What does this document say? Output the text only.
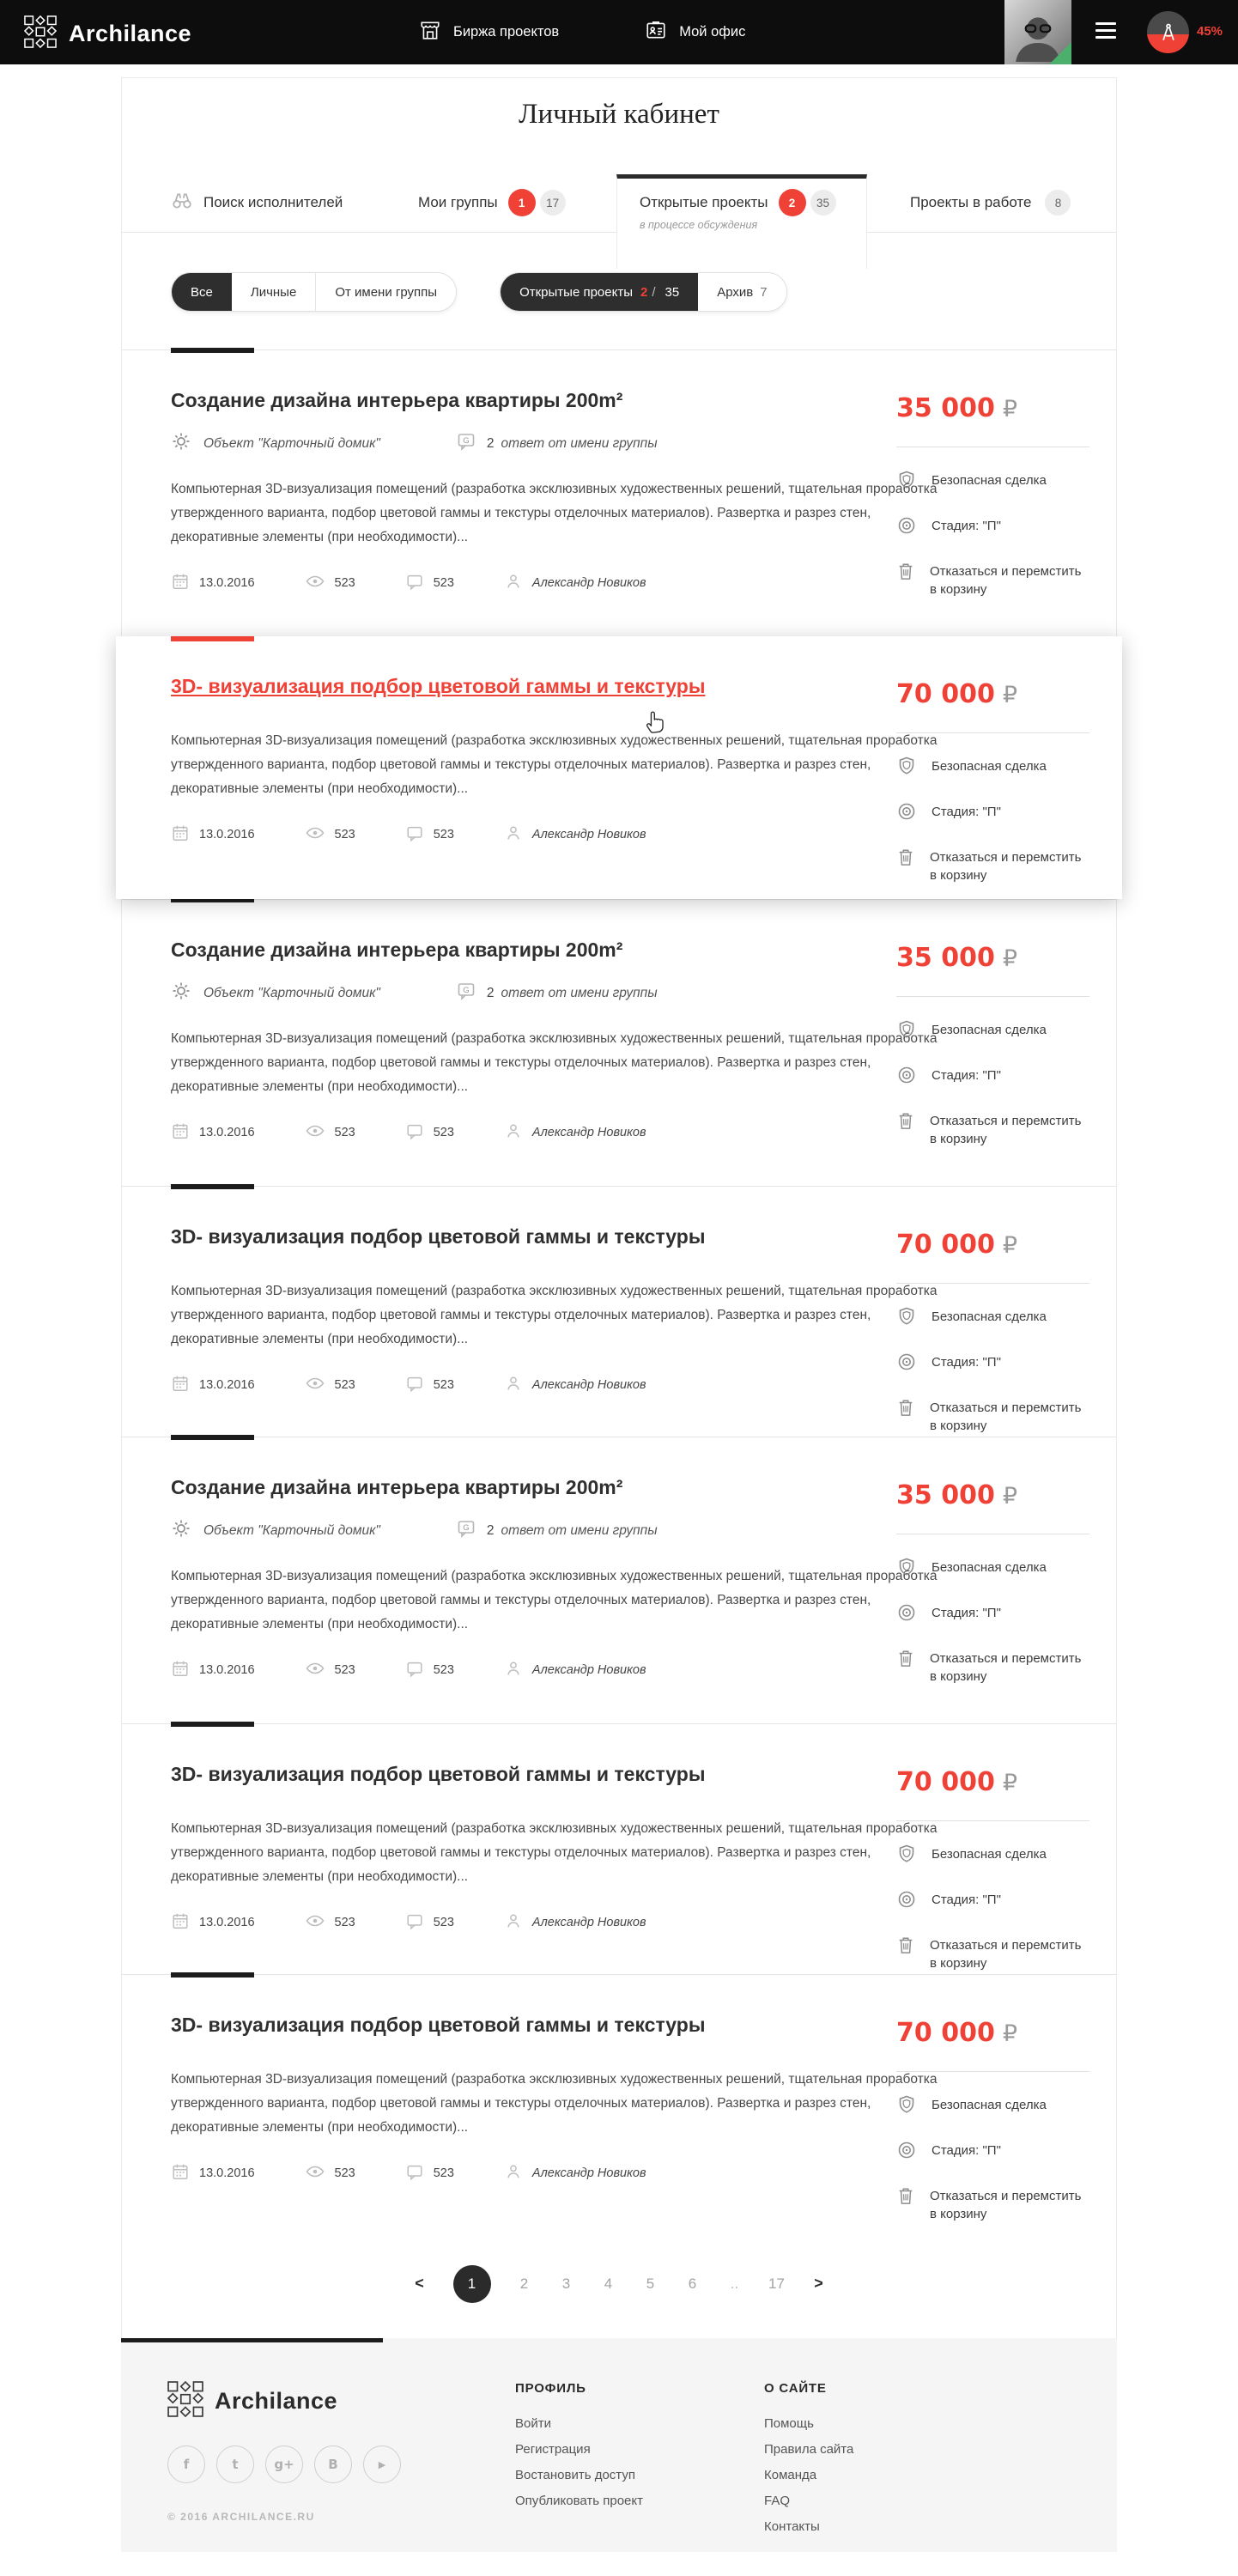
Archilance	Биржа проектов	Мой офис	45%
Личный кабинет
Поиск исполнителей	Мои группы	1	17	Открытые проекты	2	35
в процессе обсуждения
Проекты в работе	8
Все	Личные	От имени группы	Открытые проекты 2 / 35	Архив 7
Создание дизайна интерьера квартиры 200m²
Объект "Карточный домик"	G 2 ответ от имени группы
Компьютерная 3D-визуализация помещений (разработка эксклюзивных художественных решений, тщательная проработка утвержденного варианта, подбор цветовой гаммы и текстуры отделочных материалов). Развертка и разрез стен, декоративные элементы (при необходимости)...
13.0.2016	523	523	Александр Новиков
35 000 ₽
Безопасная сделка
Стадия: "П"
Отказаться и перемстить в корзину
3D- визуализация подбор цветовой гаммы и текстуры
Компьютерная 3D-визуализация помещений (разработка эксклюзивных художественных решений, тщательная проработка утвержденного варианта, подбор цветовой гаммы и текстуры отделочных материалов). Развертка и разрез стен, декоративные элементы (при необходимости)...
13.0.2016	523	523	Александр Новиков
70 000 ₽
Безопасная сделка
Стадия: "П"
Отказаться и перемстить в корзину
Создание дизайна интерьера квартиры 200m²
Объект "Карточный домик"	G 2 ответ от имени группы
Компьютерная 3D-визуализация помещений (разработка эксклюзивных художественных решений, тщательная проработка утвержденного варианта, подбор цветовой гаммы и текстуры отделочных материалов). Развертка и разрез стен, декоративные элементы (при необходимости)...
13.0.2016	523	523	Александр Новиков
35 000 ₽
Безопасная сделка
Стадия: "П"
Отказаться и перемстить в корзину
3D- визуализация подбор цветовой гаммы и текстуры
Компьютерная 3D-визуализация помещений (разработка эксклюзивных художественных решений, тщательная проработка утвержденного варианта, подбор цветовой гаммы и текстуры отделочных материалов). Развертка и разрез стен, декоративные элементы (при необходимости)...
13.0.2016	523	523	Александр Новиков
70 000 ₽
Безопасная сделка
Стадия: "П"
Отказаться и перемстить в корзину
Создание дизайна интерьера квартиры 200m²
Объект "Карточный домик"	G 2 ответ от имени группы
Компьютерная 3D-визуализация помещений (разработка эксклюзивных художественных решений, тщательная проработка утвержденного варианта, подбор цветовой гаммы и текстуры отделочных материалов). Развертка и разрез стен, декоративные элементы (при необходимости)...
13.0.2016	523	523	Александр Новиков
35 000 ₽
Безопасная сделка
Стадия: "П"
Отказаться и перемстить в корзину
3D- визуализация подбор цветовой гаммы и текстуры
Компьютерная 3D-визуализация помещений (разработка эксклюзивных художественных решений, тщательная проработка утвержденного варианта, подбор цветовой гаммы и текстуры отделочных материалов). Развертка и разрез стен, декоративные элементы (при необходимости)...
13.0.2016	523	523	Александр Новиков
70 000 ₽
Безопасная сделка
Стадия: "П"
Отказаться и перемстить в корзину
3D- визуализация подбор цветовой гаммы и текстуры
Компьютерная 3D-визуализация помещений (разработка эксклюзивных художественных решений, тщательная проработка утвержденного варианта, подбор цветовой гаммы и текстуры отделочных материалов). Развертка и разрез стен, декоративные элементы (при необходимости)...
13.0.2016	523	523	Александр Новиков
70 000 ₽
Безопасная сделка
Стадия: "П"
Отказаться и перемстить в корзину
<	1	2	3	4	5	6	..	17 >
Archilance
f	t	g+	B	▶
© 2016 ARCHILANCE.RU
ПРОФИЛЬ
Войти
Регистрация
Востановить доступ
Опубликовать проект
О САЙТЕ
Помощь
Правила сайта
Команда
FAQ
Контакты
